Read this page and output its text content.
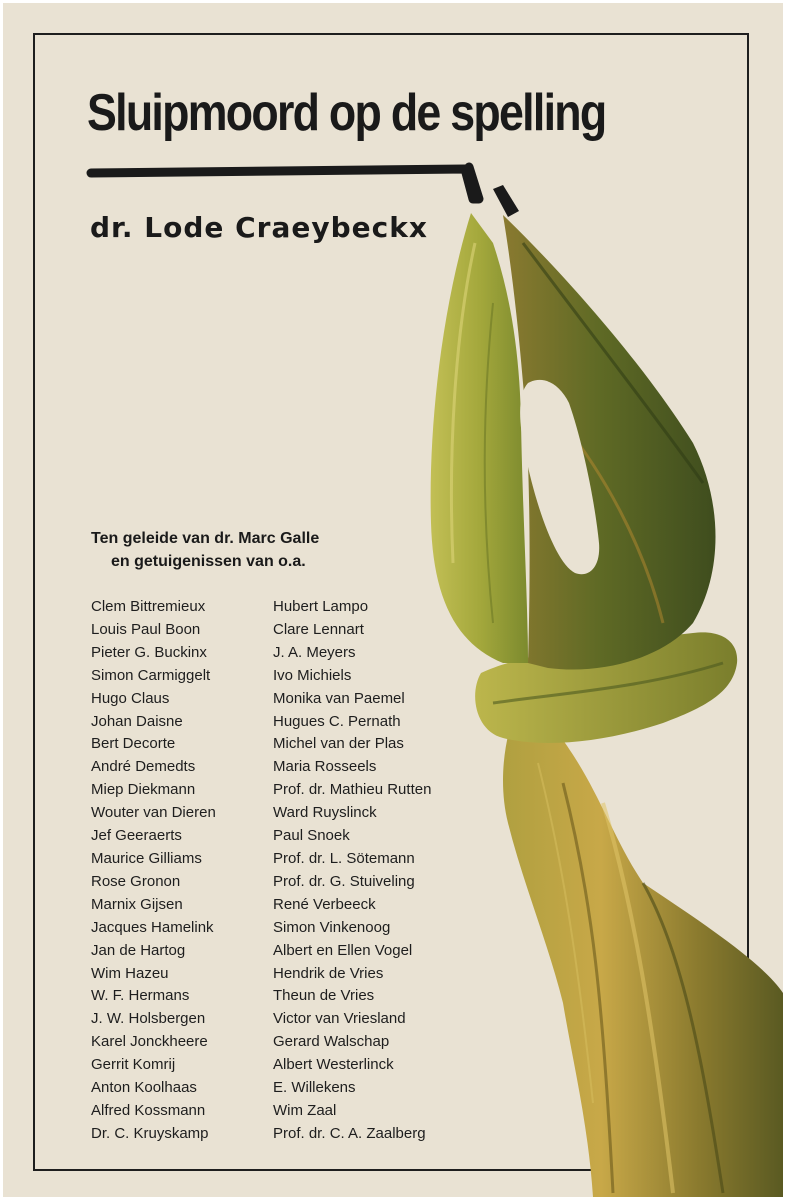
Sluipmoord op de spelling
dr. Lode Craeybeckx
Ten geleide van dr. Marc Galle
en getuigenissen van o.a.
Clem Bittremieux
Louis Paul Boon
Pieter G. Buckinx
Simon Carmiggelt
Hugo Claus
Johan Daisne
Bert Decorte
André Demedts
Miep Diekmann
Wouter van Dieren
Jef Geeraerts
Maurice Gilliams
Rose Gronon
Marnix Gijsen
Jacques Hamelink
Jan de Hartog
Wim Hazeu
W. F. Hermans
J. W. Holsbergen
Karel Jonckheere
Gerrit Komrij
Anton Koolhaas
Alfred Kossmann
Dr. C. Kruyskamp
Hubert Lampo
Clare Lennart
J. A. Meyers
Ivo Michiels
Monika van Paemel
Hugues C. Pernath
Michel van der Plas
Maria Rosseels
Prof. dr. Mathieu Rutten
Ward Ruyslinck
Paul Snoek
Prof. dr. L. Sötemann
Prof. dr. G. Stuiveling
René Verbeeck
Simon Vinkenoog
Albert en Ellen Vogel
Hendrik de Vries
Theun de Vries
Victor van Vriesland
Gerard Walschap
Albert Westerlinck
E. Willekens
Wim Zaal
Prof. dr. C. A. Zaalberg
